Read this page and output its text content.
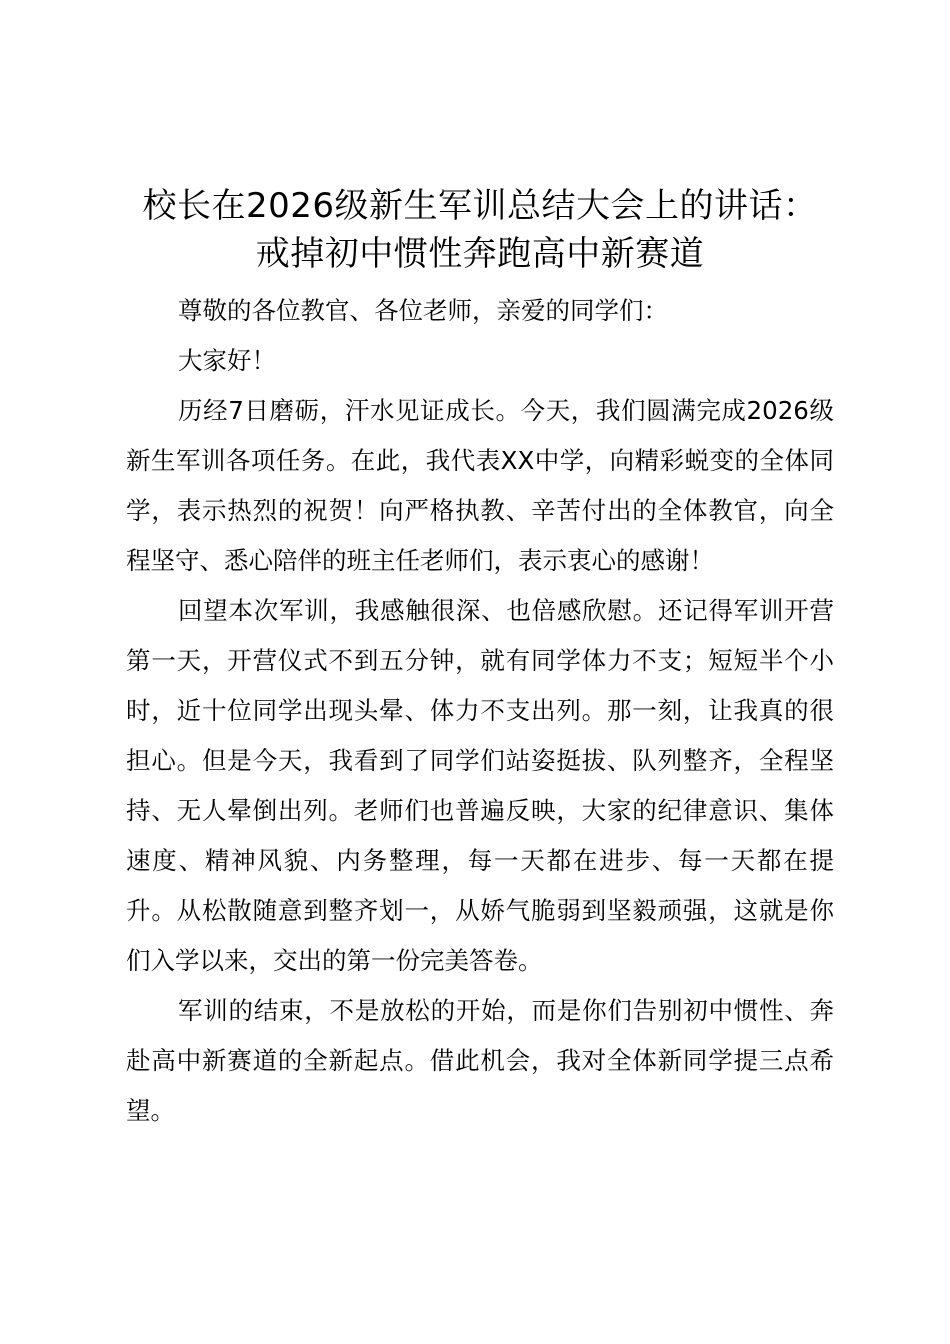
校长在2026级新生军训总结大会上的讲话：
戒掉初中惯性奔跑高中新赛道

尊敬的各位教官、各位老师，亲爱的同学们：

大家好！

历经7日磨砺，汗水见证成长。今天，我们圆满完成2026级新生军训各项任务。在此，我代表XX中学，向精彩蜕变的全体同学，表示热烈的祝贺！向严格执教、辛苦付出的全体教官，向全程坚守、悉心陪伴的班主任老师们，表示衷心的感谢！

回望本次军训，我感触很深、也倍感欣慰。还记得军训开营第一天，开营仪式不到五分钟，就有同学体力不支；短短半个小时，近十位同学出现头晕、体力不支出列。那一刻，让我真的很担心。但是今天，我看到了同学们站姿挺拔、队列整齐，全程坚持、无人晕倒出列。老师们也普遍反映，大家的纪律意识、集体速度、精神风貌、内务整理，每一天都在进步、每一天都在提升。从松散随意到整齐划一，从娇气脆弱到坚毅顽强，这就是你们入学以来，交出的第一份完美答卷。

军训的结束，不是放松的开始，而是你们告别初中惯性、奔赴高中新赛道的全新起点。借此机会，我对全体新同学提三点希望。
